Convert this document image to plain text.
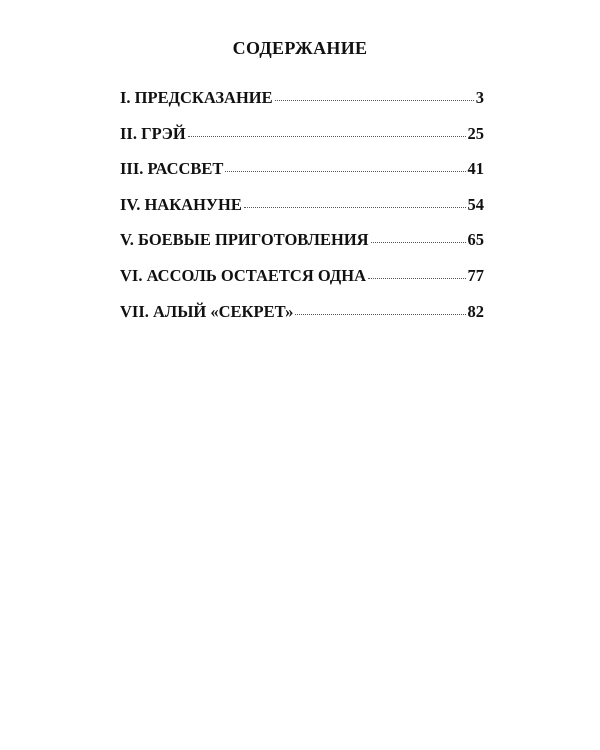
СОДЕРЖАНИЕ
I. ПРЕДСКАЗАНИЕ	3
II. ГРЭЙ	25
III. РАССВЕТ	41
IV. НАКАНУНЕ	54
V. БОЕВЫЕ ПРИГОТОВЛЕНИЯ	65
VI. АССОЛЬ ОСТАЕТСЯ ОДНА	77
VII. АЛЫЙ «СЕКРЕТ»	82
